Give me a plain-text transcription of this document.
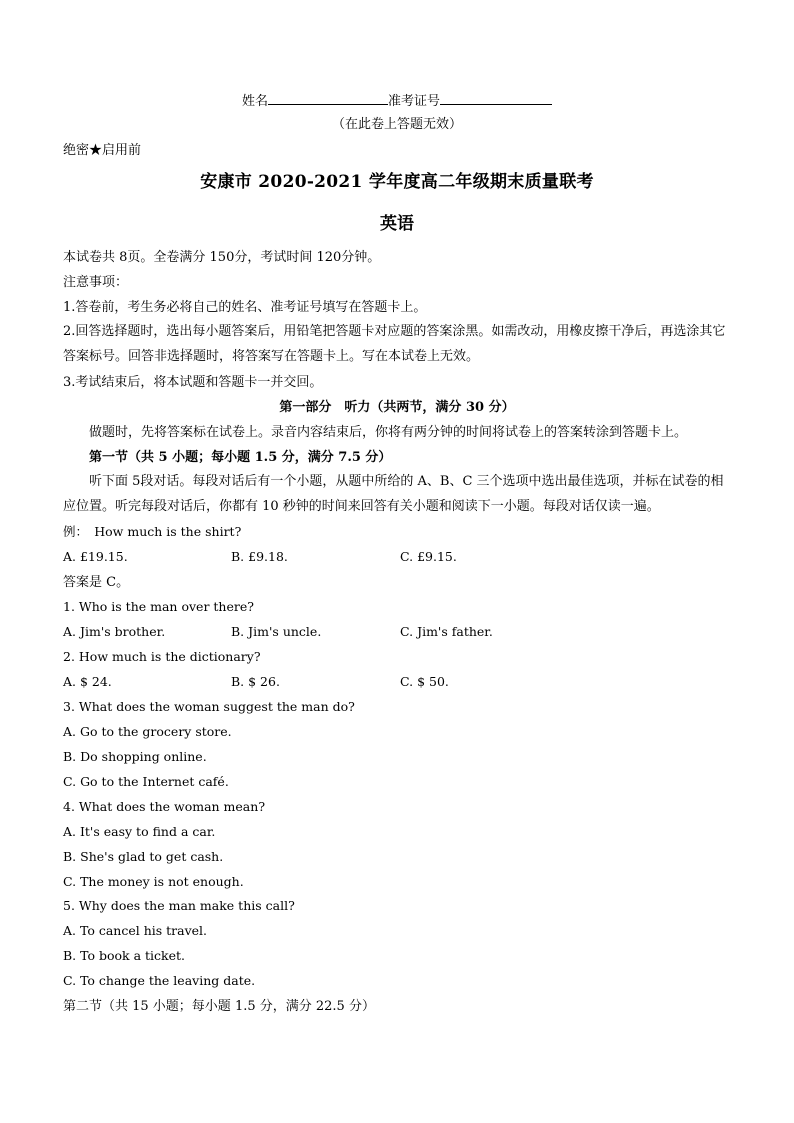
姓名	准考证号
（在此卷上答题无效）
绝密★启用前
安康市 2020-2021 学年度高二年级期末质量联考
英语
本试卷共 8页。全卷满分 150分，考试时间 120分钟。
注意事项：
1.答卷前，考生务必将自己的姓名、准考证号填写在答题卡上。
2.回答选择题时，选出每小题答案后，用铅笔把答题卡对应题的答案涂黑。如需改动，用橡皮擦干净后，再选涂其它答案标号。回答非选择题时，将答案写在答题卡上。写在本试卷上无效。
3.考试结束后，将本试题和答题卡一并交回。
第一部分　听力（共两节，满分 30 分）
做题时，先将答案标在试卷上。录音内容结束后，你将有两分钟的时间将试卷上的答案转涂到答题卡上。
第一节（共 5 小题；每小题 1.5 分，满分 7.5 分）
听下面 5段对话。每段对话后有一个小题，从题中所给的 A、B、C 三个选项中选出最佳选项，并标在试卷的相应位置。听完每段对话后，你都有 10 秒钟的时间来回答有关小题和阅读下一小题。每段对话仅读一遍。
例：　How much is the shirt?
A. £19.15.	B. £9.18.	C. £9.15.
答案是 C。
1. Who is the man over there?
A. Jim's brother.	B. Jim's uncle.	C. Jim's father.
2. How much is the dictionary?
A. $ 24.	B. $ 26.	C. $ 50.
3. What does the woman suggest the man do?
A. Go to the grocery store.
B. Do shopping online.
C. Go to the Internet café.
4. What does the woman mean?
A. It's easy to find a car.
B. She's glad to get cash.
C. The money is not enough.
5. Why does the man make this call?
A. To cancel his travel.
B. To book a ticket.
C. To change the leaving date.
第二节（共 15 小题；每小题 1.5 分，满分 22.5 分）
